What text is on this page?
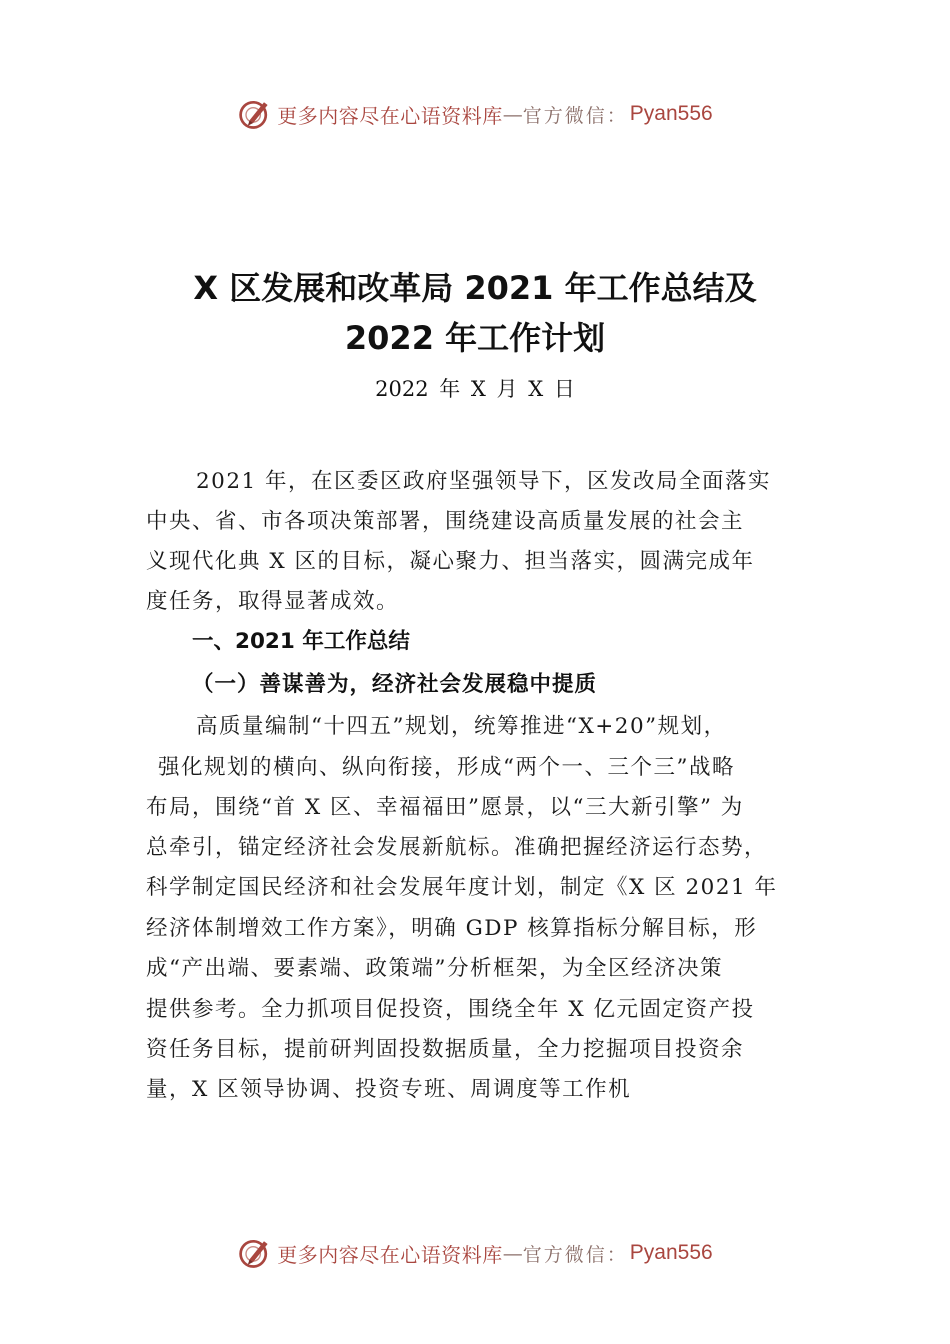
更多内容尽在心语资料库 — 官方微信： Pyan556
X 区发展和改革局 2021 年工作总结及
2022 年工作计划
2022 年 X 月 X 日
2021 年，在区委区政府坚强领导下，区发改局全面落实
中央、省、市各项决策部署，围绕建设高质量发展的社会主
义现代化典 X 区的目标，凝心聚力、担当落实，圆满完成年
度任务，取得显著成效。
一、2021 年工作总结
（一）善谋善为，经济社会发展稳中提质
高质量编制“十四五”规划，统筹推进“X+20”规划，
强化规划的横向、纵向衔接，形成“两个一、三个三”战略
布局，围绕“首 X 区、幸福福田”愿景，以“三大新引擎” 为
总牵引，锚定经济社会发展新航标。准确把握经济运行态势，
科学制定国民经济和社会发展年度计划，制定《X 区 2021 年
经济体制增效工作方案》，明确 GDP 核算指标分解目标，形
成“产出端、要素端、政策端”分析框架，为全区经济决策
提供参考。全力抓项目促投资，围绕全年 X 亿元固定资产投
资任务目标，提前研判固投数据质量，全力挖掘项目投资余
量，X 区领导协调、投资专班、周调度等工作机
更多内容尽在心语资料库 — 官方微信： Pyan556
